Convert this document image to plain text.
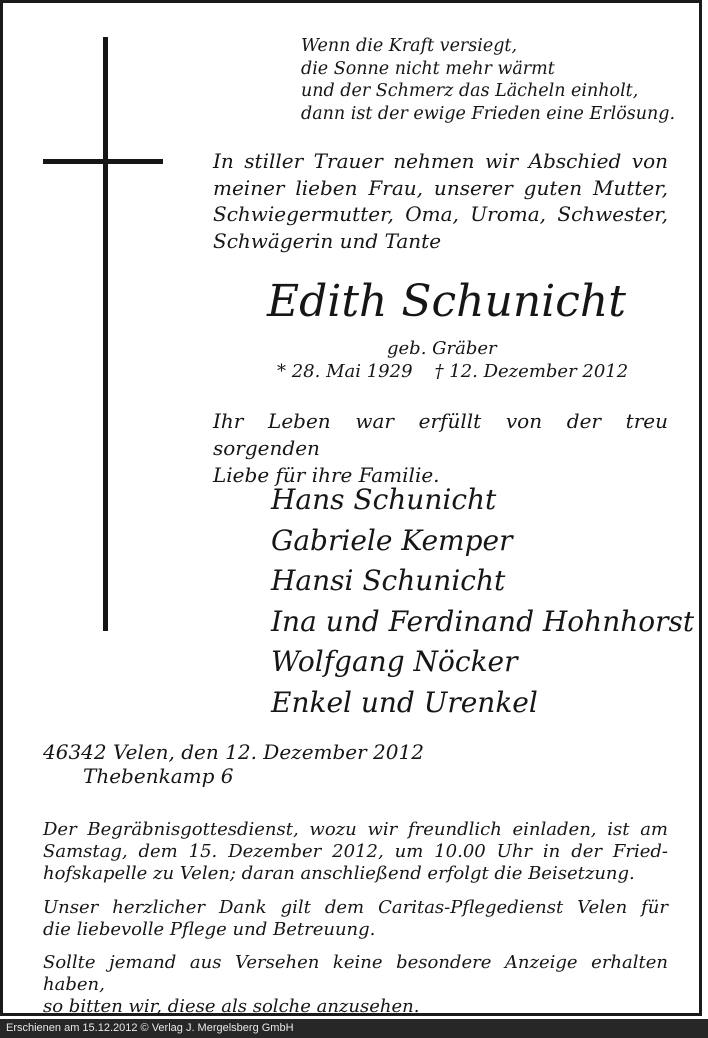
Wenn die Kraft versiegt,
die Sonne nicht mehr wärmt
und der Schmerz das Lächeln einholt,
dann ist der ewige Frieden eine Erlösung.
In stiller Trauer nehmen wir Abschied von
meiner lieben Frau, unserer guten Mutter,
Schwiegermutter, Oma, Uroma, Schwester,
Schwägerin und Tante
Edith Schunicht
geb. Gräber
* 28. Mai 1929 † 12. Dezember 2012
Ihr Leben war erfüllt von der treu sorgenden
Liebe für ihre Familie.
Hans Schunicht
Gabriele Kemper
Hansi Schunicht
Ina und Ferdinand Hohnhorst
Wolfgang Nöcker
Enkel und Urenkel
46342 Velen, den 12. Dezember 2012
Thebenkamp 6
Der Begräbnisgottesdienst, wozu wir freundlich einladen, ist am
Samstag, dem 15. Dezember 2012, um 10.00 Uhr in der Fried-
hofskapelle zu Velen; daran anschließend erfolgt die Beisetzung.
Unser herzlicher Dank gilt dem Caritas-Pflegedienst Velen für
die liebevolle Pflege und Betreuung.
Sollte jemand aus Versehen keine besondere Anzeige erhalten haben,
so bitten wir, diese als solche anzusehen.
Erschienen am 15.12.2012 © Verlag J. Mergelsberg GmbH
